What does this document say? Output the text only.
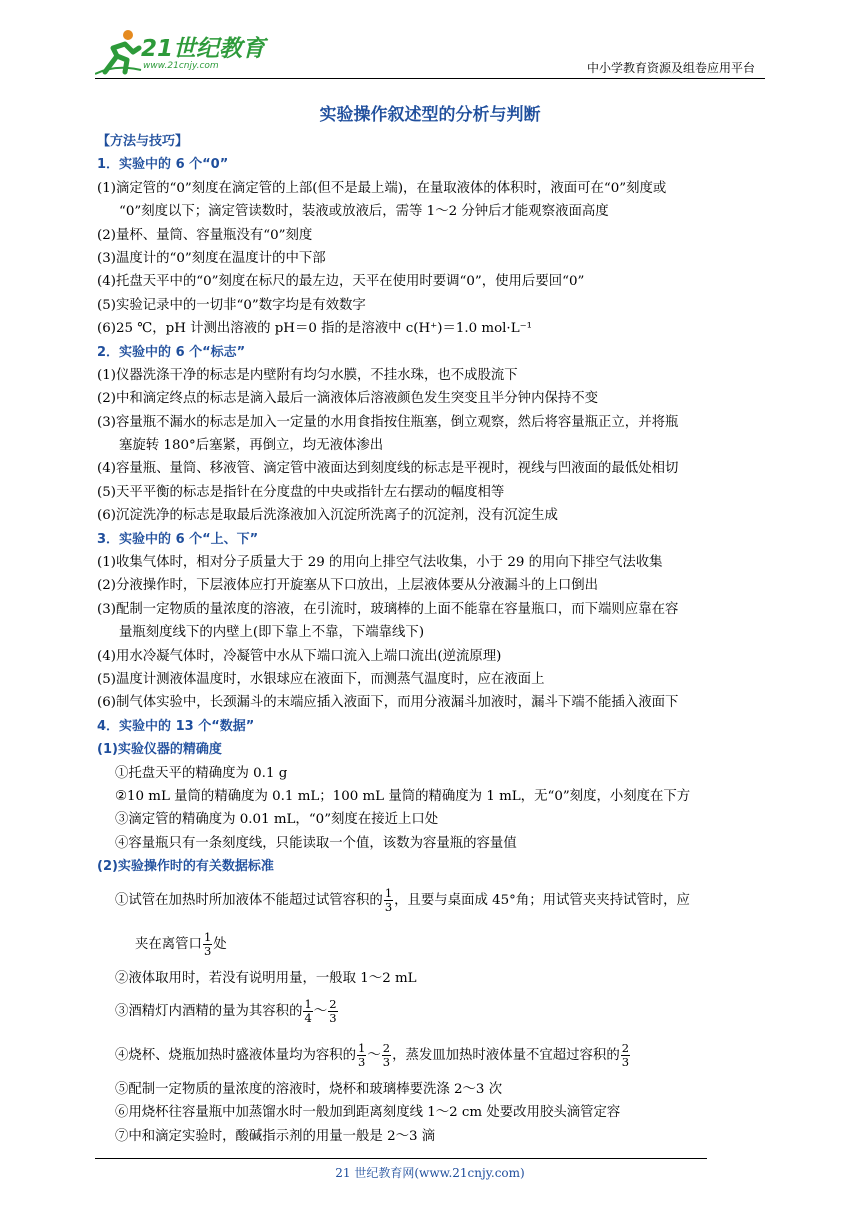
21世纪教育
www.21cnjy.com	中小学教育资源及组卷应用平台
实验操作叙述型的分析与判断
【方法与技巧】
1．实验中的 6 个“0”
(1)滴定管的“0”刻度在滴定管的上部(但不是最上端)，在量取液体的体积时，液面可在“0”刻度或
“0”刻度以下；滴定管读数时，装液或放液后，需等 1～2 分钟后才能观察液面高度
(2)量杯、量筒、容量瓶没有“0”刻度
(3)温度计的“0”刻度在温度计的中下部
(4)托盘天平中的“0”刻度在标尺的最左边，天平在使用时要调“0”，使用后要回“0”
(5)实验记录中的一切非“0”数字均是有效数字
(6)25 ℃，pH 计测出溶液的 pH＝0 指的是溶液中 c(H⁺)＝1.0 mol·L⁻¹
2．实验中的 6 个“标志”
(1)仪器洗涤干净的标志是内壁附有均匀水膜，不挂水珠，也不成股流下
(2)中和滴定终点的标志是滴入最后一滴液体后溶液颜色发生突变且半分钟内保持不变
(3)容量瓶不漏水的标志是加入一定量的水用食指按住瓶塞，倒立观察，然后将容量瓶正立，并将瓶
塞旋转 180°后塞紧，再倒立，均无液体渗出
(4)容量瓶、量筒、移液管、滴定管中液面达到刻度线的标志是平视时，视线与凹液面的最低处相切
(5)天平平衡的标志是指针在分度盘的中央或指针左右摆动的幅度相等
(6)沉淀洗净的标志是取最后洗涤液加入沉淀所洗离子的沉淀剂，没有沉淀生成
3．实验中的 6 个“上、下”
(1)收集气体时，相对分子质量大于 29 的用向上排空气法收集，小于 29 的用向下排空气法收集
(2)分液操作时，下层液体应打开旋塞从下口放出，上层液体要从分液漏斗的上口倒出
(3)配制一定物质的量浓度的溶液，在引流时，玻璃棒的上面不能靠在容量瓶口，而下端则应靠在容
量瓶刻度线下的内壁上(即下靠上不靠，下端靠线下)
(4)用水冷凝气体时，冷凝管中水从下端口流入上端口流出(逆流原理)
(5)温度计测液体温度时，水银球应在液面下，而测蒸气温度时，应在液面上
(6)制气体实验中，长颈漏斗的末端应插入液面下，而用分液漏斗加液时，漏斗下端不能插入液面下
4．实验中的 13 个“数据”
(1)实验仪器的精确度
①托盘天平的精确度为 0.1 g
②10 mL 量筒的精确度为 0.1 mL；100 mL 量筒的精确度为 1 mL，无“0”刻度，小刻度在下方
③滴定管的精确度为 0.01 mL，“0”刻度在接近上口处
④容量瓶只有一条刻度线，只能读取一个值，该数为容量瓶的容量值
(2)实验操作时的有关数据标准
①试管在加热时所加液体不能超过试管容积的 $\frac{1}{3}$ ，且要与桌面成 45°角；用试管夹夹持试管时，应
夹在离管口 $\frac{1}{3}$ 处
②液体取用时，若没有说明用量，一般取 1～2 mL
③酒精灯内酒精的量为其容积的 $\frac{1}{4}$ ～ $\frac{2}{3}$
④烧杯、烧瓶加热时盛液体量均为容积的 $\frac{1}{3}$ ～ $\frac{2}{3}$ ，蒸发皿加热时液体量不宜超过容积的 $\frac{2}{3}$
⑤配制一定物质的量浓度的溶液时，烧杯和玻璃棒要洗涤 2～3 次
⑥用烧杯往容量瓶中加蒸馏水时一般加到距离刻度线 1～2 cm 处要改用胶头滴管定容
⑦中和滴定实验时，酸碱指示剂的用量一般是 2～3 滴
21 世纪教育网(www.21cnjy.com)
